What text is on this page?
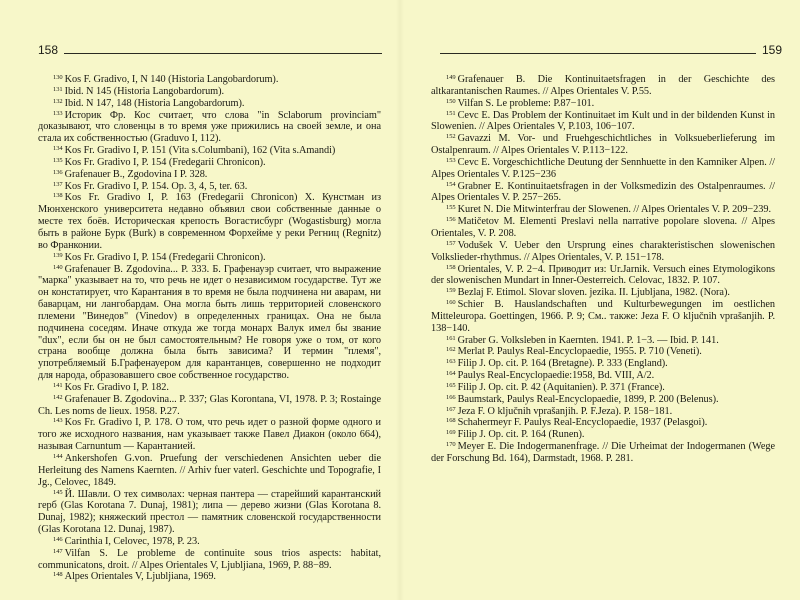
158

$^{130}$ Kos F. Gradivo, I, N 140 (Historia Langobardorum).

$^{131}$ Ibid. N 145 (Historia Langobardorum).

$^{132}$ Ibid. N 147, 148 (Historia Langobardorum).

$^{133}$ Историк Фр. Кос считает, что слова "in Sclaborum provinciam" доказывают, что словенцы в то время уже прижились на своей земле, и она стала их собственностью (Graduvo I, 112).

$^{134}$ Kos Fr. Gradivo I, P. 151 (Vita s.Columbani), 162 (Vita s.Amandi)

$^{135}$ Kos Fr. Gradivo I, P. 154 (Fredegarii Chronicon).

$^{136}$ Grafenauer B., Zgodovina I P. 328.

$^{137}$ Kos Fr. Gradivo I, P. 154. Op. 3, 4, 5, ter. 63.

$^{138}$ Kos Fr. Gradivo I, P. 163 (Fredegarii Chronicon) Х. Кунстман из Мюнхенского университета недавно объявил свои собственные данные о месте тех боёв. Историческая крепость Вогастисбург (Wogastisburg) могла быть в районе Бурк (Burk) в современном Форхейме у реки Регниц (Regnitz) во Франконии.

$^{139}$ Kos Fr. Gradivo I, P. 154 (Fredegarii Chronicon).

$^{140}$ Grafenauer B. Zgodovina... P. 333. Б. Графенауэр считает, что выражение "марка" указывает на то, что речь не идет о независимом государстве. Тут же он констатирует, что Карантания в то время не была подчинена ни аварам, ни баварцам, ни лангобардам. Она могла быть лишь территорией словенского племени "Винедов" (Vinedov) в определенных границах. Она не была подчинена соседям. Иначе откуда же тогда монарх Валук имел бы звание "dux", если бы он не был самостоятельным? Не говоря уже о том, от кого страна вообще должна была быть зависима? И термин "племя", употребляемый Б.Графенауером для карантанцев, совершенно не подходит для народа, образовавшего свое собственное государство.

$^{141}$ Kos Fr. Gradivo I, P. 182.

$^{142}$ Grafenauer B. Zgodovina... P. 337; Glas Korontana, VI, 1978. P. 3; Rostainge Ch. Les noms de lieux. 1958. P.27.

$^{143}$ Kos Fr. Gradivo I, P. 178. О том, что речь идет о разной форме одного и того же исходного названия, нам указывает также Павел Диакон (около 664), называя Carnuntum — Карантанией.

$^{144}$ Ankershofen G.von. Pruefung der verschiedenen Ansichten ueber die Herleitung des Namens Kaernten. // Arhiv fuer vaterl. Geschichte und Topografie, I Jg., Celovec, 1849.

$^{145}$ Й. Шавли. О тех символах: черная пантера — старейший карантанский герб (Glas Korotana 7. Dunaj, 1981); липа — дерево жизни (Glas Korotana 8. Dunaj, 1982); княжеский престол — памятник словенской государственности (Glas Korotana 12. Dunaj, 1987).

$^{146}$ Carinthia I, Celovec, 1978, P. 23.

$^{147}$ Vilfan S. Le probleme de continuite sous trios aspects: habitat, communicatons, droit. // Alpes Orientales V, Ljubljiana, 1969, P. 88−89.

$^{148}$ Alpes Orientales V, Ljubljiana, 1969.

159

$^{149}$ Grafenauer B. Die Kontinuitaetsfragen in der Geschichte des altkarantanischen Raumes. // Alpes Orientales V. P.55.

$^{150}$ Vilfan S. Le probleme: P.87−101.

$^{151}$ Cevc E. Das Problem der Kontinuitaet im Kult und in der bildenden Kunst in Slowenien. // Alpes Orientales V, P.103, 106−107.

$^{152}$ Gavazzi M. Vor- und Fruehgeschichtliches in Volksueberlieferung im Ostalpenraum. // Alpes Orientales V. P.113−122.

$^{153}$ Cevc E. Vorgeschichtliche Deutung der Sennhuette in den Kamniker Alpen. // Alpes Orientales V. P.125−236

$^{154}$ Grabner E. Kontinuitaetsfragen in der Volksmedizin des Ostalpenraumes. // Alpes Orientales V. P. 257−265.

$^{155}$ Kuret N. Die Mitwinterfrau der Slowenen. // Alpes Orientales V. P. 209−239.

$^{156}$ Matičetov M. Elementi Preslavi nella narrative popolare slovena. // Alpes Orientales, V. P. 208.

$^{157}$ Vodušek V. Ueber den Ursprung eines charakteristischen slowenischen Volkslieder-rhythmus. // Alpes Orientales, V. P. 151−178.

$^{158}$ Orientales, V. P. 2−4. Приводит из: Ur.Jarnik. Versuch eines Etymologikons der slowenischen Mundart in Inner-Oesterreich. Celovac, 1832. P. 107.

$^{159}$ Bezlaj F. Etimol. Slovar sloven. jezika. II. Ljubljana, 1982. (Nora).

$^{160}$ Schier B. Hauslandschaften und Kulturbewegungen im oestlichen Mitteleuropa. Goettingen, 1966. P. 9; См.. также: Jeza F. O ključnih vprašanjih. P. 138−140.

$^{161}$ Graber G. Volksleben in Kaernten. 1941. P. 1−3. — Ibid. P. 141.

$^{162}$ Merlat P. Paulys Real-Encyclopaedie, 1955. P. 710 (Veneti).

$^{163}$ Filip J. Op. cit. P. 164 (Bretagne). P. 333 (England).

$^{164}$ Paulys Real-Encyclopaedie:1958, Bd. VIII, A/2.

$^{165}$ Filip J. Op. cit. P. 42 (Aquitanien). P. 371 (France).

$^{166}$ Baumstark, Paulys Real-Encyclopaedie, 1899, P. 200 (Belenus).

$^{167}$ Jeza F. O ključnih vprašanjih. P. F.Jeza). P. 158−181.

$^{168}$ Schahermeyr F. Paulys Real-Encyclopaedie, 1937 (Pelasgoi).

$^{169}$ Filip J. Op. cit. P. 164 (Runen).

$^{170}$ Meyer E. Die Indogermanenfrage. // Die Urheimat der Indogermanen (Wege der Forschung Bd. 164), Darmstadt, 1968. P. 281.
